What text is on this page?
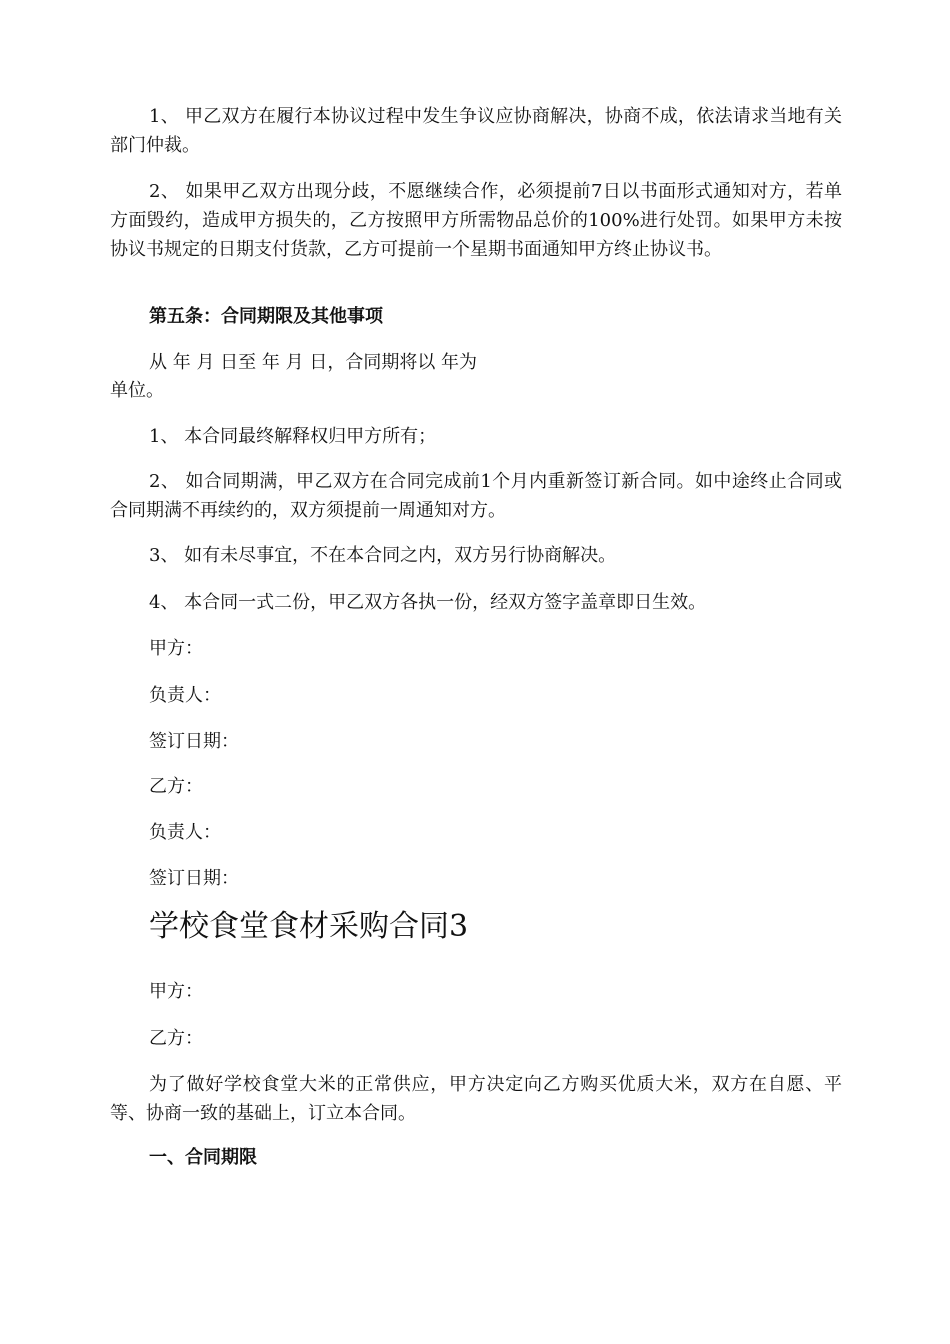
1、 甲乙双方在履行本协议过程中发生争议应协商解决，协商不成，依法请求当地有关部门仲裁。

2、 如果甲乙双方出现分歧，不愿继续合作，必须提前7日以书面形式通知对方，若单方面毁约，造成甲方损失的，乙方按照甲方所需物品总价的100%进行处罚。如果甲方未按协议书规定的日期支付货款，乙方可提前一个星期书面通知甲方终止协议书。

第五条：合同期限及其他事项

从 年 月 日至 年 月 日，合同期将以 年为

单位。

1、 本合同最终解释权归甲方所有；

2、 如合同期满，甲乙双方在合同完成前1个月内重新签订新合同。如中途终止合同或合同期满不再续约的，双方须提前一周通知对方。

3、 如有未尽事宜，不在本合同之内，双方另行协商解决。

4、 本合同一式二份，甲乙双方各执一份，经双方签字盖章即日生效。

甲方：

负责人：

签订日期：

乙方：

负责人：

签订日期：

学校食堂食材采购合同3

甲方：

乙方：

为了做好学校食堂大米的正常供应，甲方决定向乙方购买优质大米，双方在自愿、平等、协商一致的基础上，订立本合同。

一、合同期限
